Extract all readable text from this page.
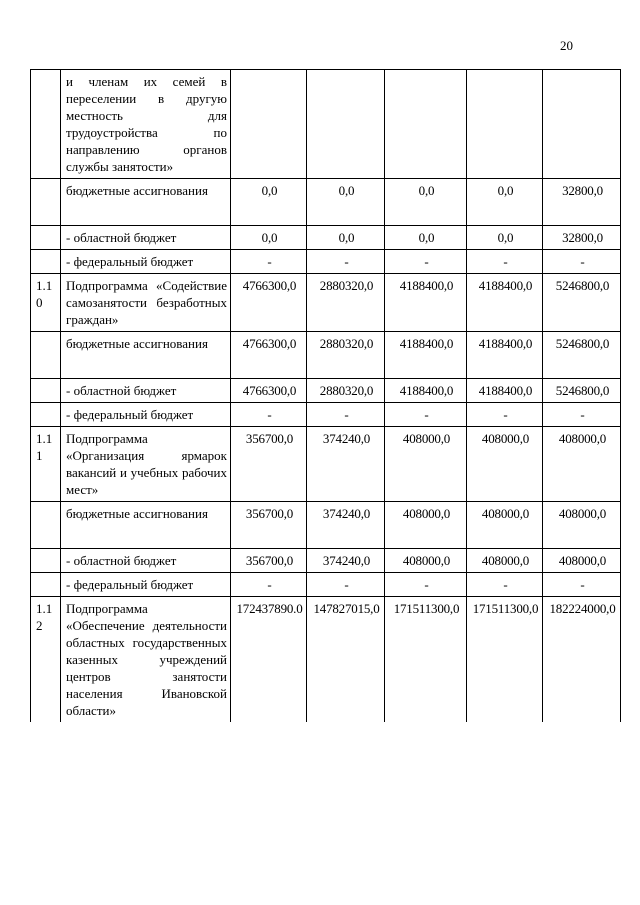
20
	и членам их семей в переселении в другую местность для трудоустройства по направлению органов службы занятости»					
	бюджетные ассигнования	0,0	0,0	0,0	0,0	32800,0
	- областной бюджет	0,0	0,0	0,0	0,0	32800,0
	- федеральный бюджет	-	-	-	-	-
1.10	Подпрограмма «Содействие самозанятости безработных граждан»	4766300,0	2880320,0	4188400,0	4188400,0	5246800,0
	бюджетные ассигнования	4766300,0	2880320,0	4188400,0	4188400,0	5246800,0
	- областной бюджет	4766300,0	2880320,0	4188400,0	4188400,0	5246800,0
	- федеральный бюджет	-	-	-	-	-
1.11	Подпрограмма «Организация ярмарок вакансий и учебных рабочих мест»	356700,0	374240,0	408000,0	408000,0	408000,0
	бюджетные ассигнования	356700,0	374240,0	408000,0	408000,0	408000,0
	- областной бюджет	356700,0	374240,0	408000,0	408000,0	408000,0
	- федеральный бюджет	-	-	-	-	-
1.12	Подпрограмма «Обеспечение деятельности областных государственных казенных учреждений центров занятости населения Ивановской области»	172437890.0	147827015,0	171511300,0	171511300,0	182224000,0
